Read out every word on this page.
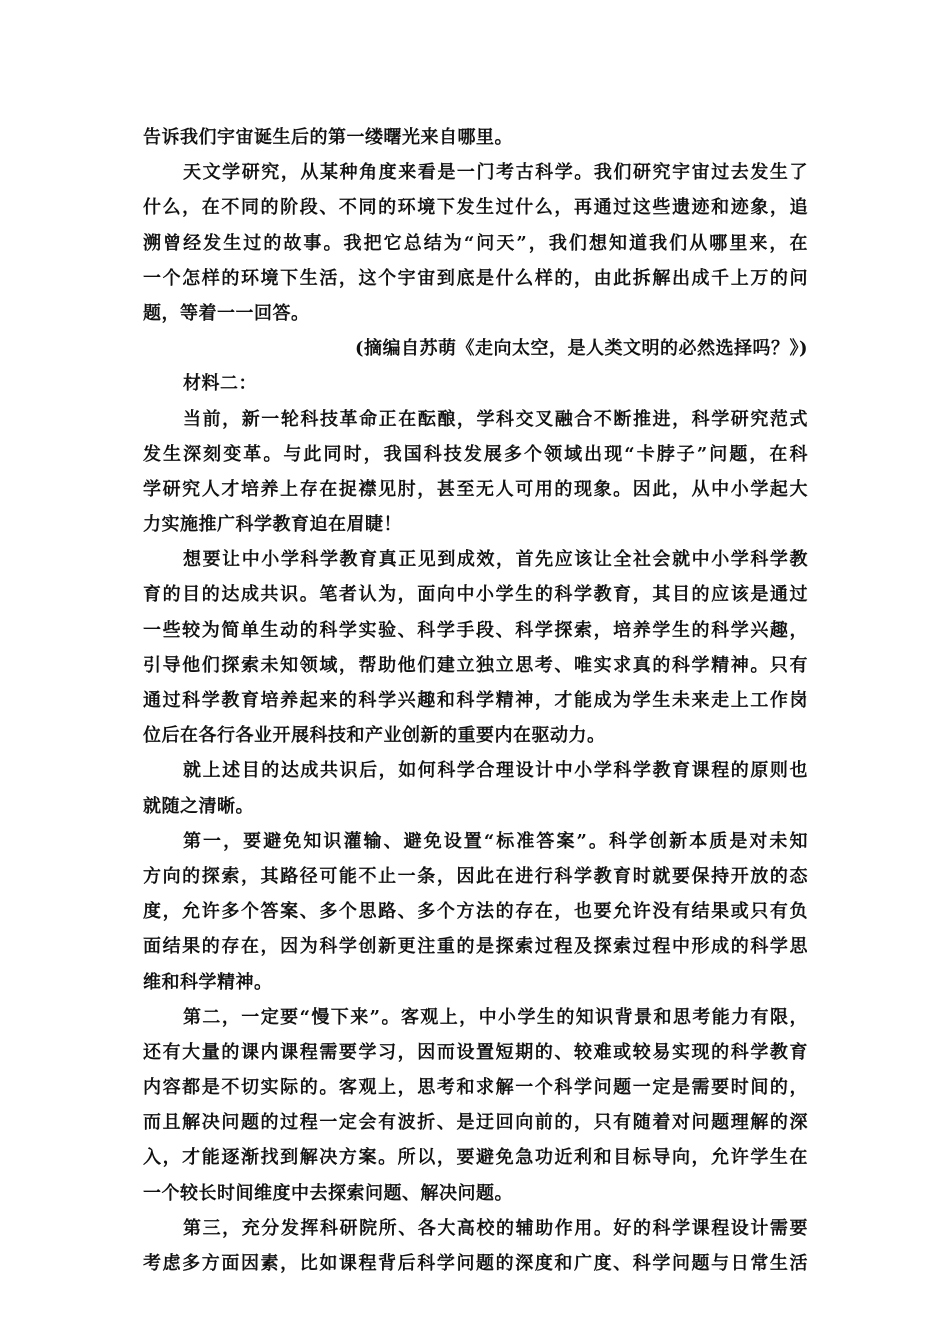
告诉我们宇宙诞生后的第一缕曙光来自哪里。
天文学研究，从某种角度来看是一门考古科学。我们研究宇宙过去发生了
什么，在不同的阶段、不同的环境下发生过什么，再通过这些遗迹和迹象，追
溯曾经发生过的故事。我把它总结为“问天”，我们想知道我们从哪里来，在
一个怎样的环境下生活，这个宇宙到底是什么样的，由此拆解出成千上万的问
题，等着一一回答。
(摘编自苏萌《走向太空，是人类文明的必然选择吗？》)
材料二：
当前，新一轮科技革命正在酝酿，学科交叉融合不断推进，科学研究范式
发生深刻变革。与此同时，我国科技发展多个领域出现“卡脖子”问题，在科
学研究人才培养上存在捉襟见肘，甚至无人可用的现象。因此，从中小学起大
力实施推广科学教育迫在眉睫！
想要让中小学科学教育真正见到成效，首先应该让全社会就中小学科学教
育的目的达成共识。笔者认为，面向中小学生的科学教育，其目的应该是通过
一些较为简单生动的科学实验、科学手段、科学探索，培养学生的科学兴趣，
引导他们探索未知领域，帮助他们建立独立思考、唯实求真的科学精神。只有
通过科学教育培养起来的科学兴趣和科学精神，才能成为学生未来走上工作岗
位后在各行各业开展科技和产业创新的重要内在驱动力。
就上述目的达成共识后，如何科学合理设计中小学科学教育课程的原则也
就随之清晰。
第一，要避免知识灌输、避免设置“标准答案”。科学创新本质是对未知
方向的探索，其路径可能不止一条，因此在进行科学教育时就要保持开放的态
度，允许多个答案、多个思路、多个方法的存在，也要允许没有结果或只有负
面结果的存在，因为科学创新更注重的是探索过程及探索过程中形成的科学思
维和科学精神。
第二，一定要“慢下来”。客观上，中小学生的知识背景和思考能力有限，
还有大量的课内课程需要学习，因而设置短期的、较难或较易实现的科学教育
内容都是不切实际的。客观上，思考和求解一个科学问题一定是需要时间的，
而且解决问题的过程一定会有波折、是迂回向前的，只有随着对问题理解的深
入，才能逐渐找到解决方案。所以，要避免急功近利和目标导向，允许学生在
一个较长时间维度中去探索问题、解决问题。
第三，充分发挥科研院所、各大高校的辅助作用。好的科学课程设计需要
考虑多方面因素，比如课程背后科学问题的深度和广度、科学问题与日常生活
